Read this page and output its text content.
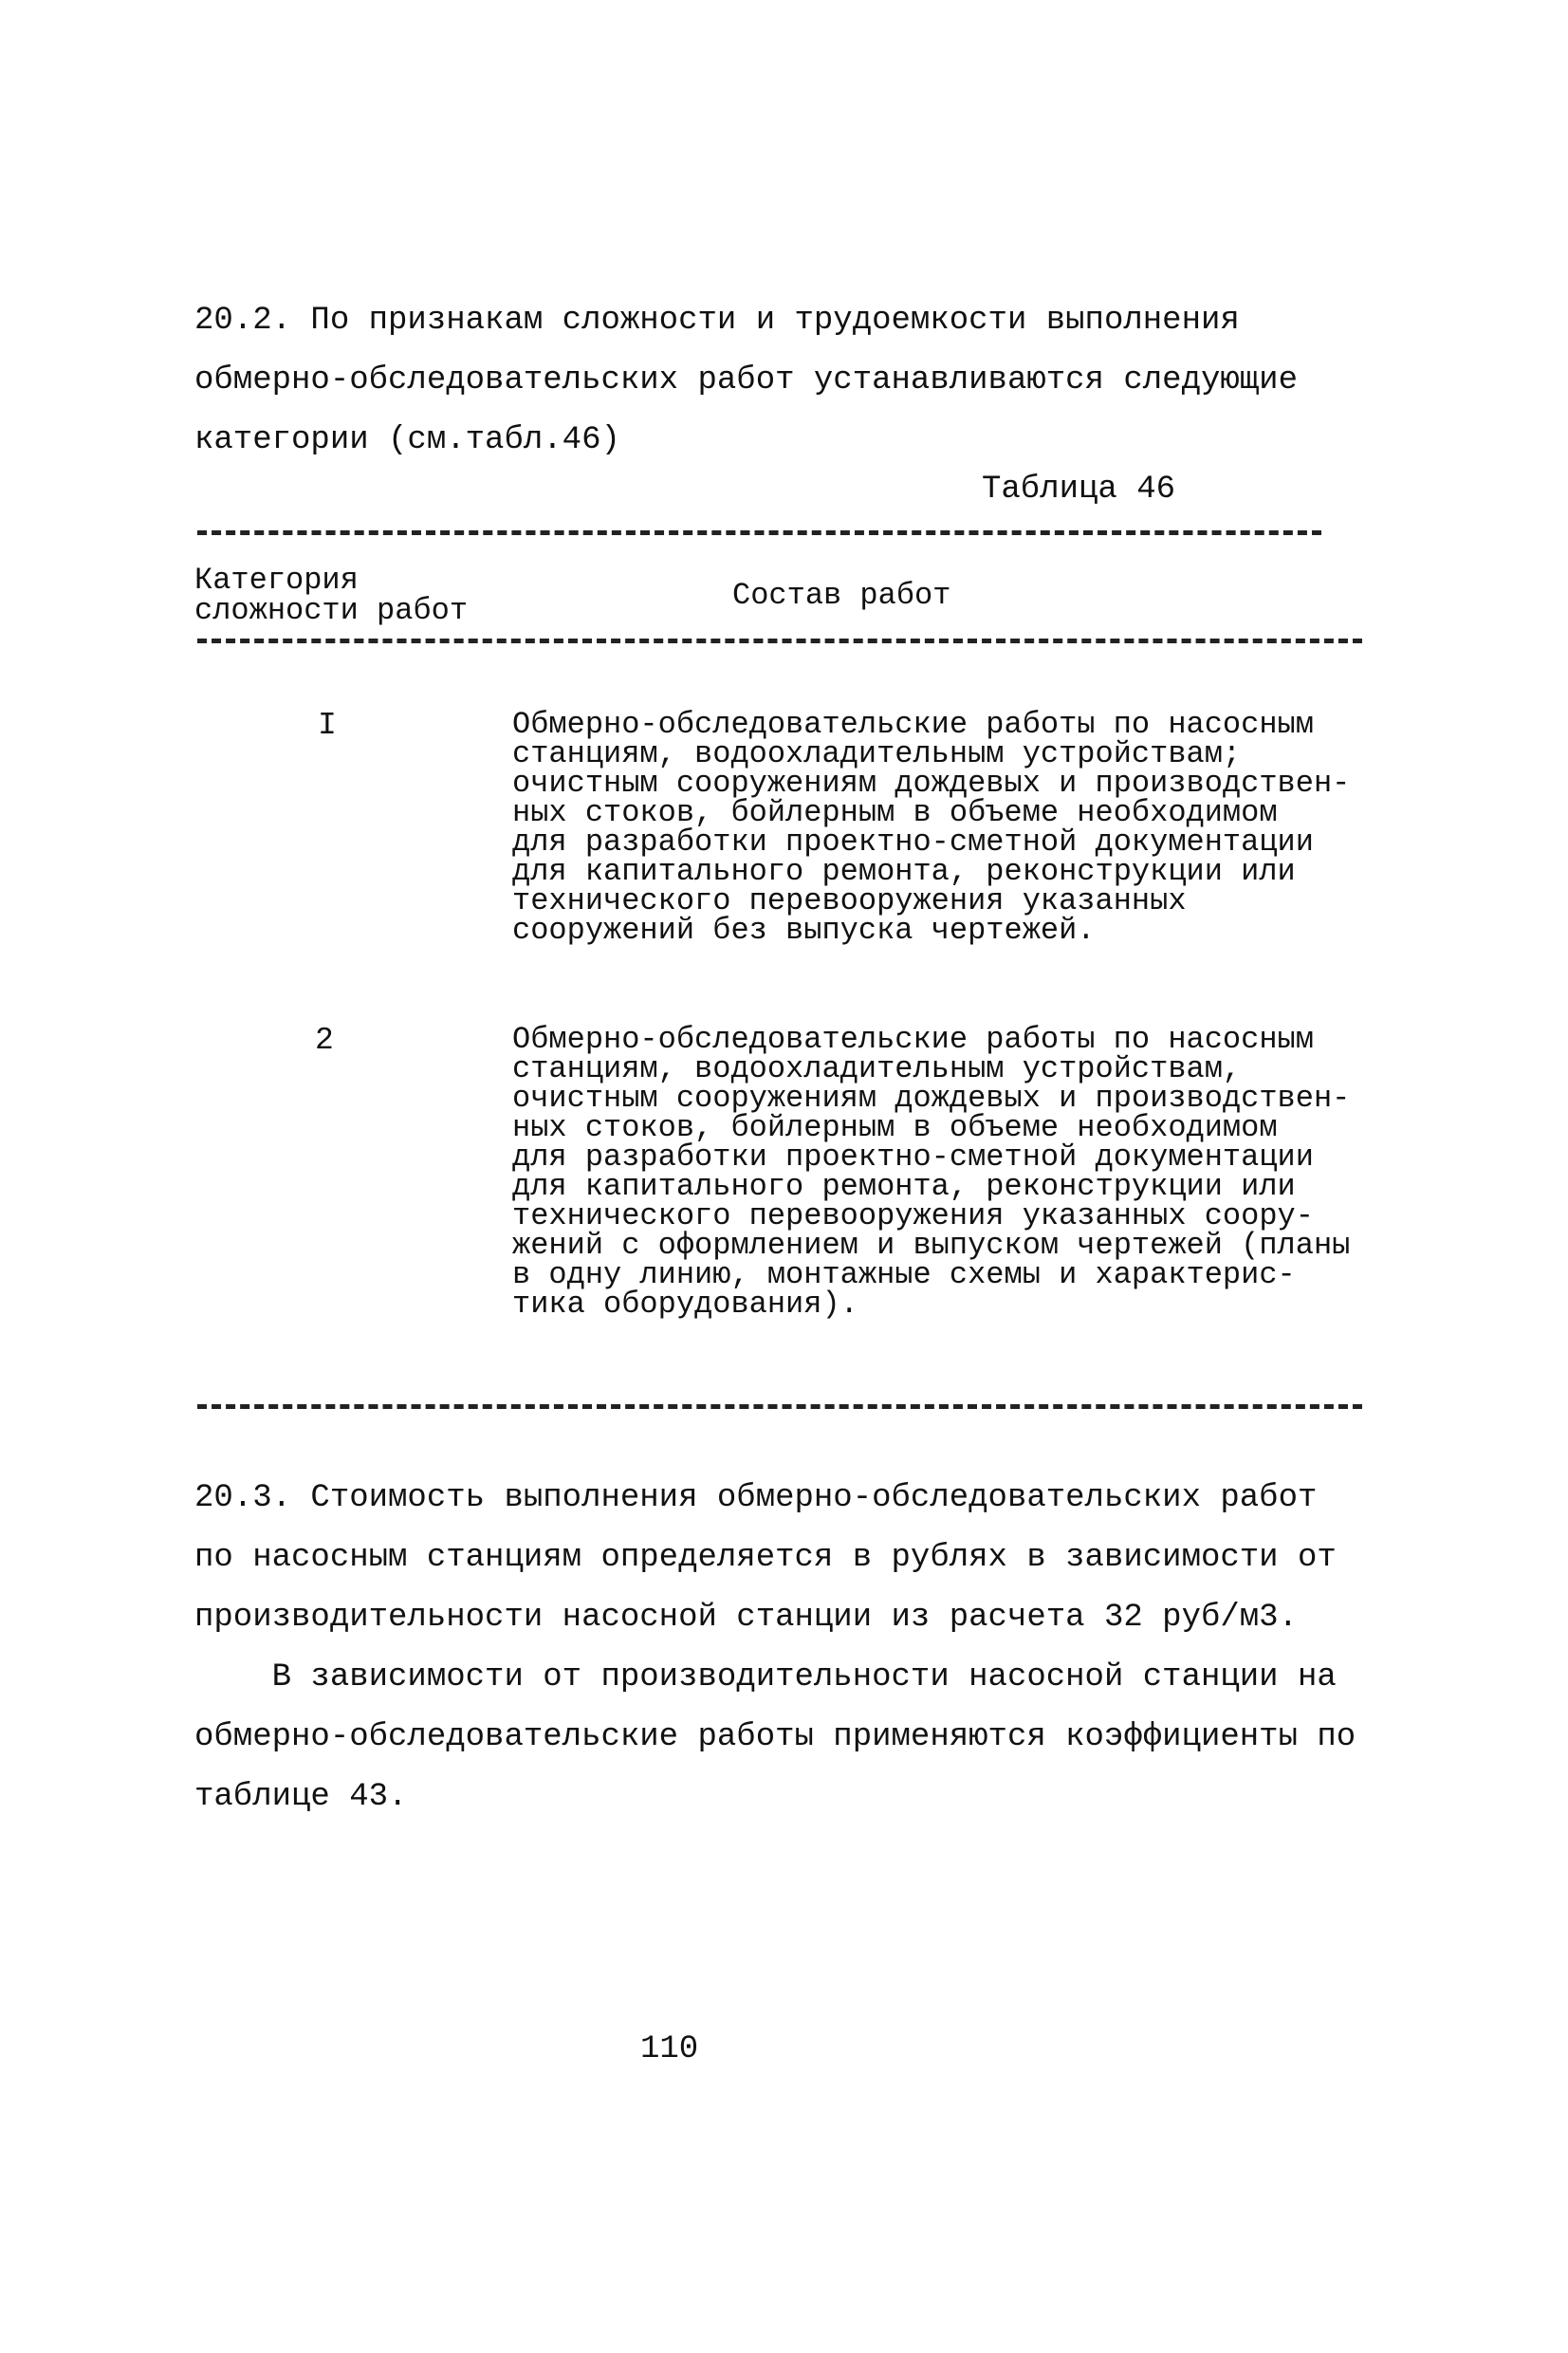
20.2. По признакам сложности и трудоемкости выполнения
обмерно-обследовательских работ устанавливаются следующие
категории (см.табл.46)

Таблица 46
Категория
сложности работ	Состав работ
I	Обмерно-обследовательские работы по насосным
станциям, водоохладительным устройствам;
очистным сооружениям дождевых и производствен-
ных стоков, бойлерным в объеме необходимом
для разработки проектно-сметной документации
для капитального ремонта, реконструкции или
технического перевооружения указанных
сооружений без выпуска чертежей.
2	Обмерно-обследовательские работы по насосным
станциям, водоохладительным устройствам,
очистным сооружениям дождевых и производствен-
ных стоков, бойлерным в объеме необходимом
для разработки проектно-сметной документации
для капитального ремонта, реконструкции или
технического перевооружения указанных соору-
жений с оформлением и выпуском чертежей (планы
в одну линию, монтажные схемы и характерис-
тика оборудования).

20.3. Стоимость выполнения обмерно-обследовательских работ
по насосным станциям определяется в рублях в зависимости от
производительности насосной станции из расчета 32 руб/м3.
В зависимости от производительности насосной станции на
обмерно-обследовательские работы применяются коэффициенты по
таблице 43.

110
